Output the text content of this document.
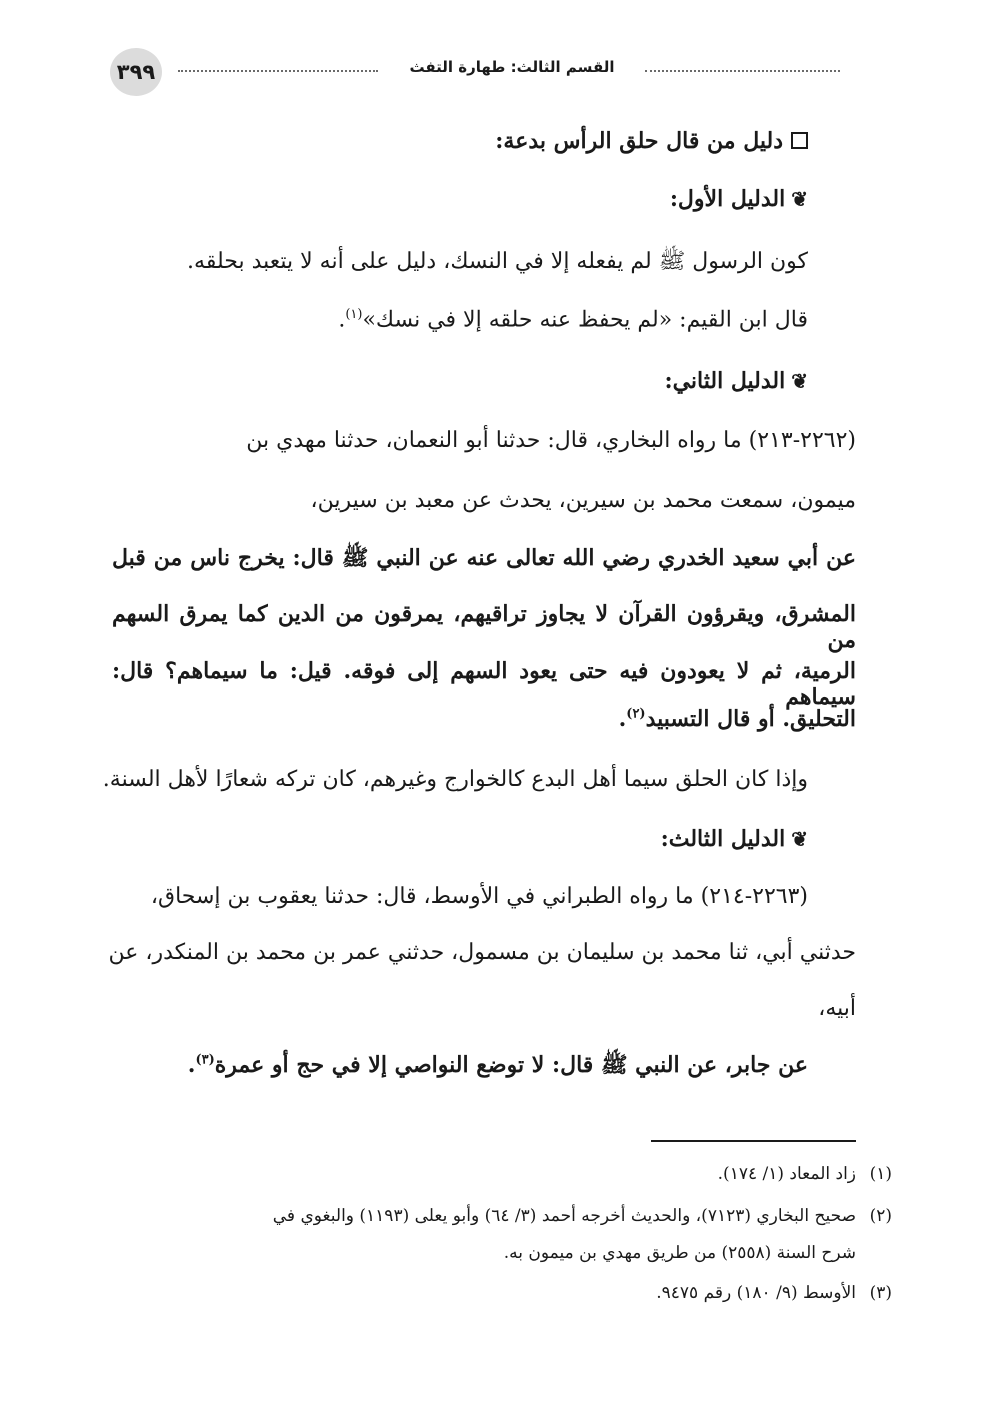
٣٩٩	القسم الثالث: طهارة التفث
دليل من قال حلق الرأس بدعة:
❦الدليل الأول:
كون الرسول ﷺ لم يفعله إلا في النسك، دليل على أنه لا يتعبد بحلقه.
قال ابن القيم: «لم يحفظ عنه حلقه إلا في نسك»$^{(١)}$.
❦الدليل الثاني:
(٢٢٦٢-٢١٣) ما رواه البخاري، قال: حدثنا أبو النعمان، حدثنا مهدي بن
ميمون، سمعت محمد بن سيرين، يحدث عن معبد بن سيرين،
عن أبي سعيد الخدري رضي الله تعالى عنه عن النبي ﷺ قال: يخرج ناس من قبل
المشرق، ويقرؤون القرآن لا يجاوز تراقيهم، يمرقون من الدين كما يمرق السهم من
الرمية، ثم لا يعودون فيه حتى يعود السهم إلى فوقه. قيل: ما سيماهم؟ قال: سيماهم
التحليق. أو قال التسبيد$^{(٢)}$.
وإذا كان الحلق سيما أهل البدع كالخوارج وغيرهم، كان تركه شعارًا لأهل السنة.
❦الدليل الثالث:
(٢٢٦٣-٢١٤) ما رواه الطبراني في الأوسط، قال: حدثنا يعقوب بن إسحاق،
حدثني أبي، ثنا محمد بن سليمان بن مسمول، حدثني عمر بن محمد بن المنكدر، عن
أبيه،
عن جابر، عن النبي ﷺ قال: لا توضع النواصي إلا في حج أو عمرة$^{(٣)}$.
(١)
زاد المعاد (١/ ١٧٤).
(٢)
صحيح البخاري (٧١٢٣)، والحديث أخرجه أحمد (٣/ ٦٤) وأبو يعلى (١١٩٣) والبغوي في
شرح السنة (٢٥٥٨) من طريق مهدي بن ميمون به.
(٣)
الأوسط (٩/ ١٨٠) رقم ٩٤٧٥.
